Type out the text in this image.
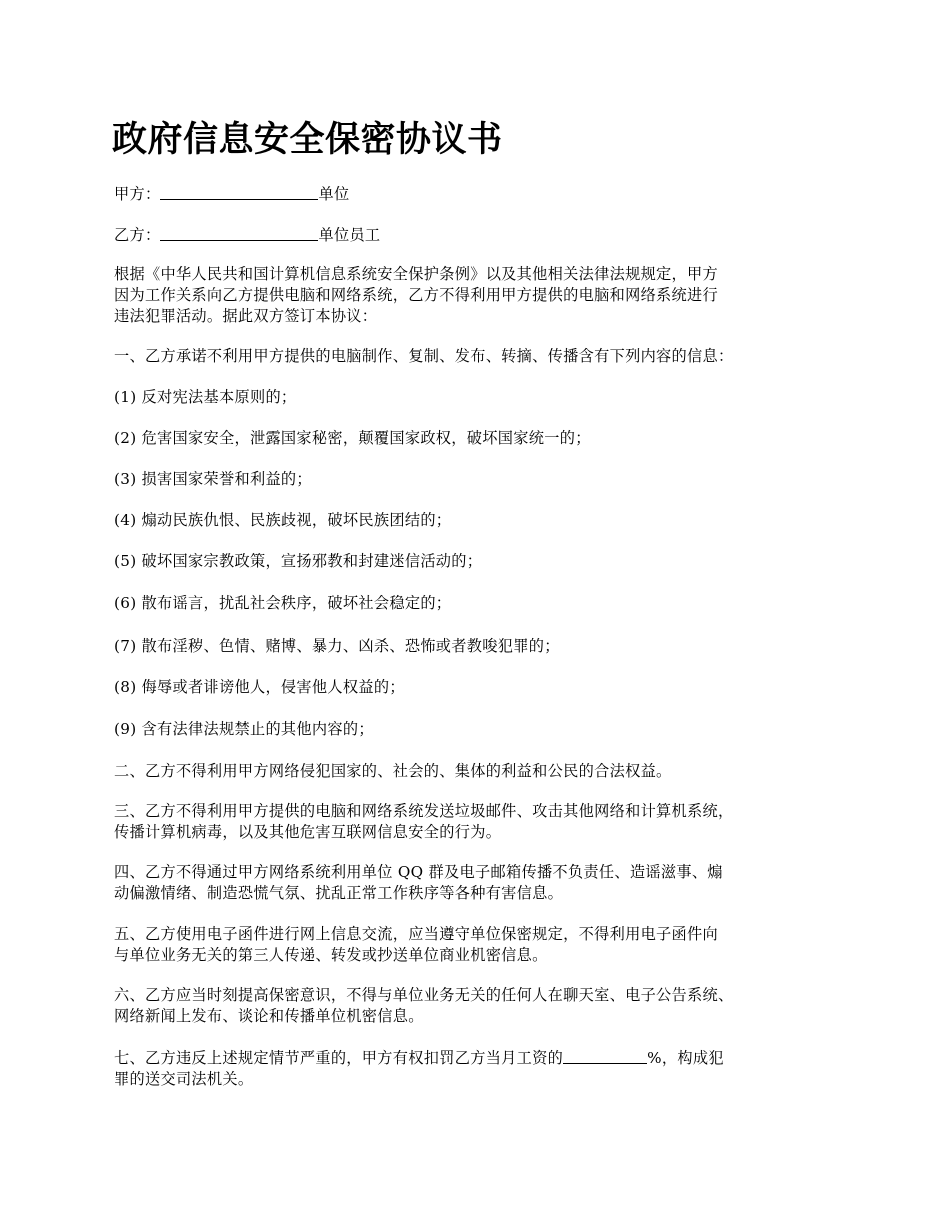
政府信息安全保密协议书

甲方：	单位

乙方：	单位员工

根据《中华人民共和国计算机信息系统安全保护条例》以及其他相关法律法规规定，甲方
因为工作关系向乙方提供电脑和网络系统，乙方不得利用甲方提供的电脑和网络系统进行
违法犯罪活动。据此双方签订本协议：

一、乙方承诺不利用甲方提供的电脑制作、复制、发布、转摘、传播含有下列内容的信息：

(1) 反对宪法基本原则的；

(2) 危害国家安全，泄露国家秘密，颠覆国家政权，破坏国家统一的；

(3) 损害国家荣誉和利益的；

(4) 煽动民族仇恨、民族歧视，破坏民族团结的；

(5) 破坏国家宗教政策，宣扬邪教和封建迷信活动的；

(6) 散布谣言，扰乱社会秩序，破坏社会稳定的；

(7) 散布淫秽、色情、赌博、暴力、凶杀、恐怖或者教唆犯罪的；

(8) 侮辱或者诽谤他人，侵害他人权益的；

(9) 含有法律法规禁止的其他内容的；

二、乙方不得利用甲方网络侵犯国家的、社会的、集体的利益和公民的合法权益。

三、乙方不得利用甲方提供的电脑和网络系统发送垃圾邮件、攻击其他网络和计算机系统，
传播计算机病毒，以及其他危害互联网信息安全的行为。

四、乙方不得通过甲方网络系统利用单位 QQ 群及电子邮箱传播不负责任、造谣滋事、煽
动偏激情绪、制造恐慌气氛、扰乱正常工作秩序等各种有害信息。

五、乙方使用电子函件进行网上信息交流，应当遵守单位保密规定，不得利用电子函件向
与单位业务无关的第三人传递、转发或抄送单位商业机密信息。

六、乙方应当时刻提高保密意识，不得与单位业务无关的任何人在聊天室、电子公告系统、
网络新闻上发布、谈论和传播单位机密信息。

七、乙方违反上述规定情节严重的，甲方有权扣罚乙方当月工资的	%，构成犯
罪的送交司法机关。
